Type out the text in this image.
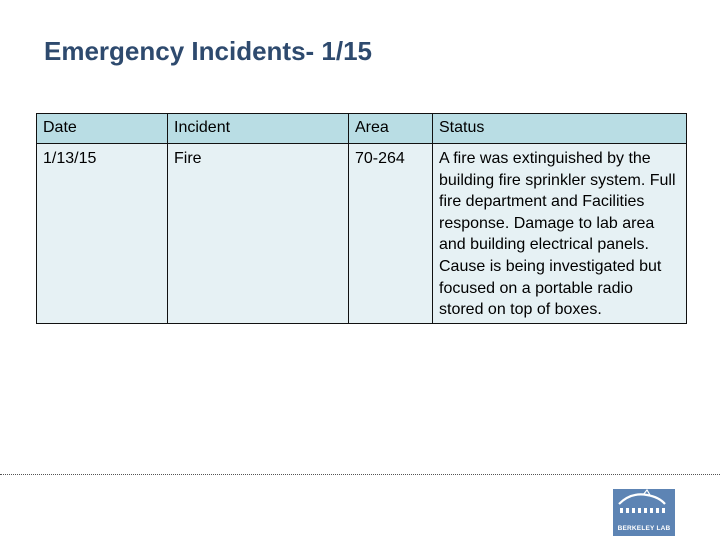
Emergency Incidents- 1/15
Date	Incident	Area	Status
1/13/15	Fire	70-264	A fire was extinguished by the building fire sprinkler system. Full fire department and Facilities response. Damage to lab area and building electrical panels. Cause is being investigated but focused on a portable radio stored on top of boxes.
BERKELEY LAB
